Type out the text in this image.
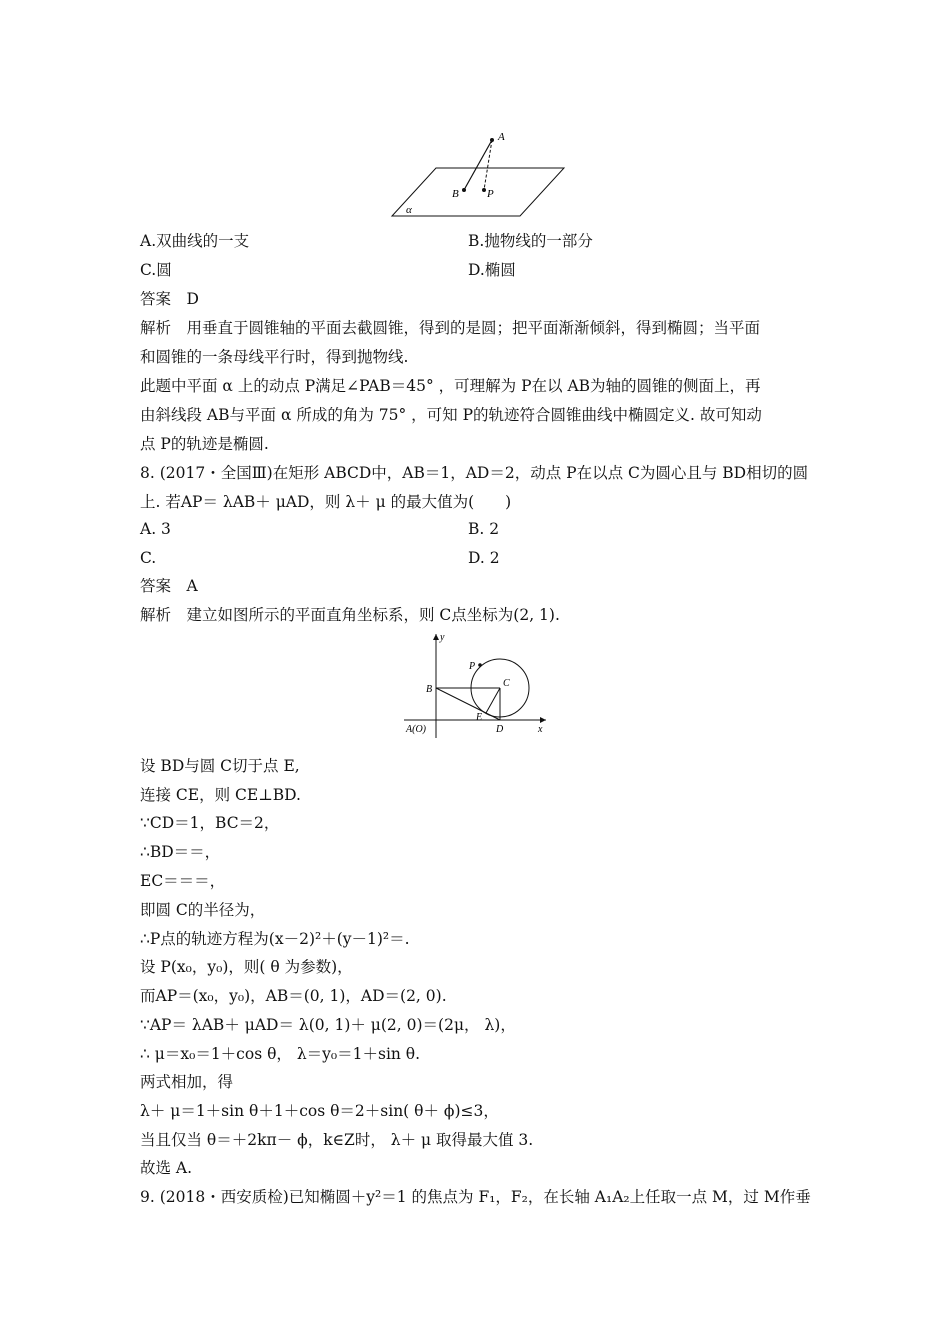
A
B	P
α
A.双曲线的一支	B.抛物线的一部分
C.圆	D.椭圆
答案　D
解析　用垂直于圆锥轴的平面去截圆锥，得到的是圆；把平面渐渐倾斜，得到椭圆；当平面
和圆锥的一条母线平行时，得到抛物线.
此题中平面 α 上的动点 P满足∠PAB＝45° ，可理解为 P在以 AB为轴的圆锥的侧面上，再
由斜线段 AB与平面 α 所成的角为 75° ，可知 P的轨迹符合圆锥曲线中椭圆定义. 故可知动
点 P的轨迹是椭圆.
8. (2017・全国Ⅲ)在矩形 ABCD中，AB＝1，AD＝2，动点 P在以点 C为圆心且与 BD相切的圆
上. 若AP＝ λAB＋ μAD，则 λ＋ μ 的最大值为(　　)
A. 3	B. 2
C.	D. 2
答案　A
解析　建立如图所示的平面直角坐标系，则 C点坐标为(2, 1).
y
x
P
B
C
E
D
A(O)
设 BD与圆 C切于点 E,
连接 CE，则 CE⊥BD.
∵CD＝1，BC＝2，
∴BD＝＝，
EC＝＝＝，
即圆 C的半径为，
∴P点的轨迹方程为(x－2)²＋(y－1)²＝.
设 P(x₀，y₀)，则( θ 为参数)，
而AP＝(x₀，y₀)，AB＝(0, 1)，AD＝(2, 0).
∵AP＝ λAB＋ μAD＝ λ(0, 1)＋ μ(2, 0)＝(2μ， λ)，
∴ μ＝x₀＝1＋cos θ， λ＝y₀＝1＋sin θ.
两式相加，得
λ＋ μ＝1＋sin θ＋1＋cos θ＝2＋sin( θ＋ ϕ)≤3，
当且仅当 θ＝＋2kπ－ ϕ，k∈Z时， λ＋ μ 取得最大值 3.
故选 A.
9. (2018・西安质检)已知椭圆＋y²＝1 的焦点为 F₁，F₂，在长轴 A₁A₂上任取一点 M，过 M作垂
